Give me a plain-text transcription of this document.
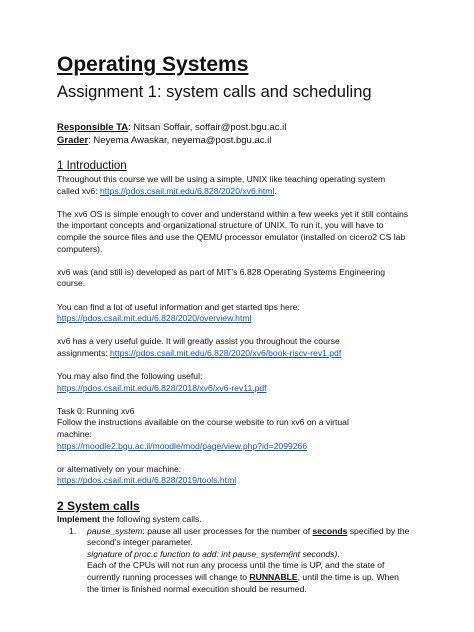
Operating Systems
Assignment 1: system calls and scheduling
Responsible TA: Nitsan Soffair, soffair@post.bgu.ac.il
Grader: Neyema Awaskar, neyema@post.bgu.ac.il
1 Introduction

Throughout this course we will be using a simple, UNIX like teaching operating system
called xv6: https://pdos.csail.mit.edu/6.828/2020/xv6.html.

The xv6 OS is simple enough to cover and understand within a few weeks yet it still contains
the important concepts and organizational structure of UNIX. To run it, you will have to
compile the source files and use the QEMU processor emulator (installed on cicero2 CS lab
computers).

xv6 was (and still is) developed as part of MIT’s 6.828 Operating Systems Engineering
course.

You can find a lot of useful information and get started tips here:
https://pdos.csail.mit.edu/6.828/2020/overview.html

xv6 has a very useful guide. It will greatly assist you throughout the course
assignments: https://pdos.csail.mit.edu/6.828/2020/xv6/book-riscv-rev1.pdf

You may also find the following useful:
https://pdos.csail.mit.edu/6.828/2018/xv6/xv6-rev11.pdf

Task 0: Running xv6
Follow the instructions available on the course website to run xv6 on a virtual
machine:
https://moodle2.bgu.ac.il/moodle/mod/page/view.php?id=2099266

or alternatively on your machine:
https://pdos.csail.mit.edu/6.828/2019/tools.html

2 System calls

Implement the following system calls.

1. pause_system: pause all user processes for the number of seconds specified by the
second's integer parameter.
signature of proc.c function to add: int pause_system(int seconds).
Each of the CPUs will not run any process until the time is UP, and the state of
currently running processes will change to RUNNABLE, until the time is up. When
the timer is finished normal execution should be resumed.
